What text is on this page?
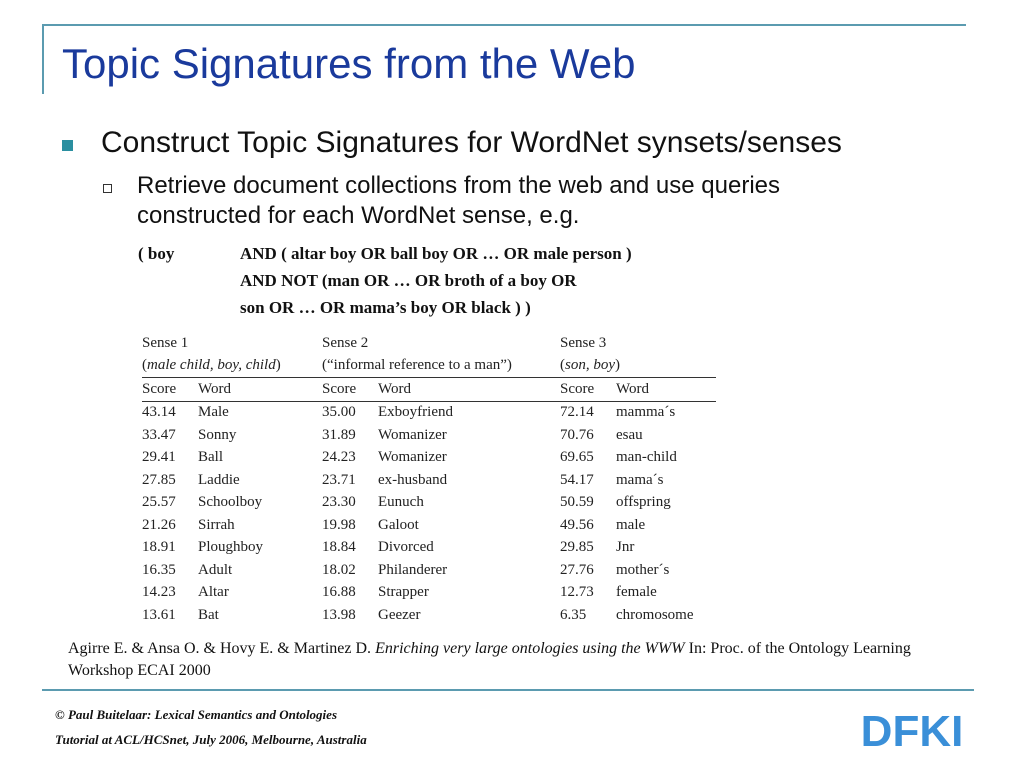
Topic Signatures from the Web
Construct Topic Signatures for WordNet synsets/senses
Retrieve document collections from the web and use queries constructed for each WordNet sense, e.g.
( boy	AND ( altar boy OR ball boy OR … OR male person )
AND NOT (man OR … OR broth of a boy OR
son OR … OR mama’s boy OR black ) )
Sense 1		Sense 2		Sense 3	
(male child, boy, child)		(“informal reference to a man”)		(son, boy)	
Score	Word	Score	Word	Score	Word
43.14	Male	35.00	Exboyfriend	72.14	mamma´s
33.47	Sonny	31.89	Womanizer	70.76	esau
29.41	Ball	24.23	Womanizer	69.65	man-child
27.85	Laddie	23.71	ex-husband	54.17	mama´s
25.57	Schoolboy	23.30	Eunuch	50.59	offspring
21.26	Sirrah	19.98	Galoot	49.56	male
18.91	Ploughboy	18.84	Divorced	29.85	Jnr
16.35	Adult	18.02	Philanderer	27.76	mother´s
14.23	Altar	16.88	Strapper	12.73	female
13.61	Bat	13.98	Geezer	6.35	chromosome
Agirre E. & Ansa O. & Hovy E. & Martinez D. Enriching very large ontologies using the WWW In: Proc. of the Ontology Learning Workshop ECAI 2000
© Paul Buitelaar: Lexical Semantics and Ontologies
Tutorial at ACL/HCSnet, July 2006, Melbourne, Australia	DFKI
